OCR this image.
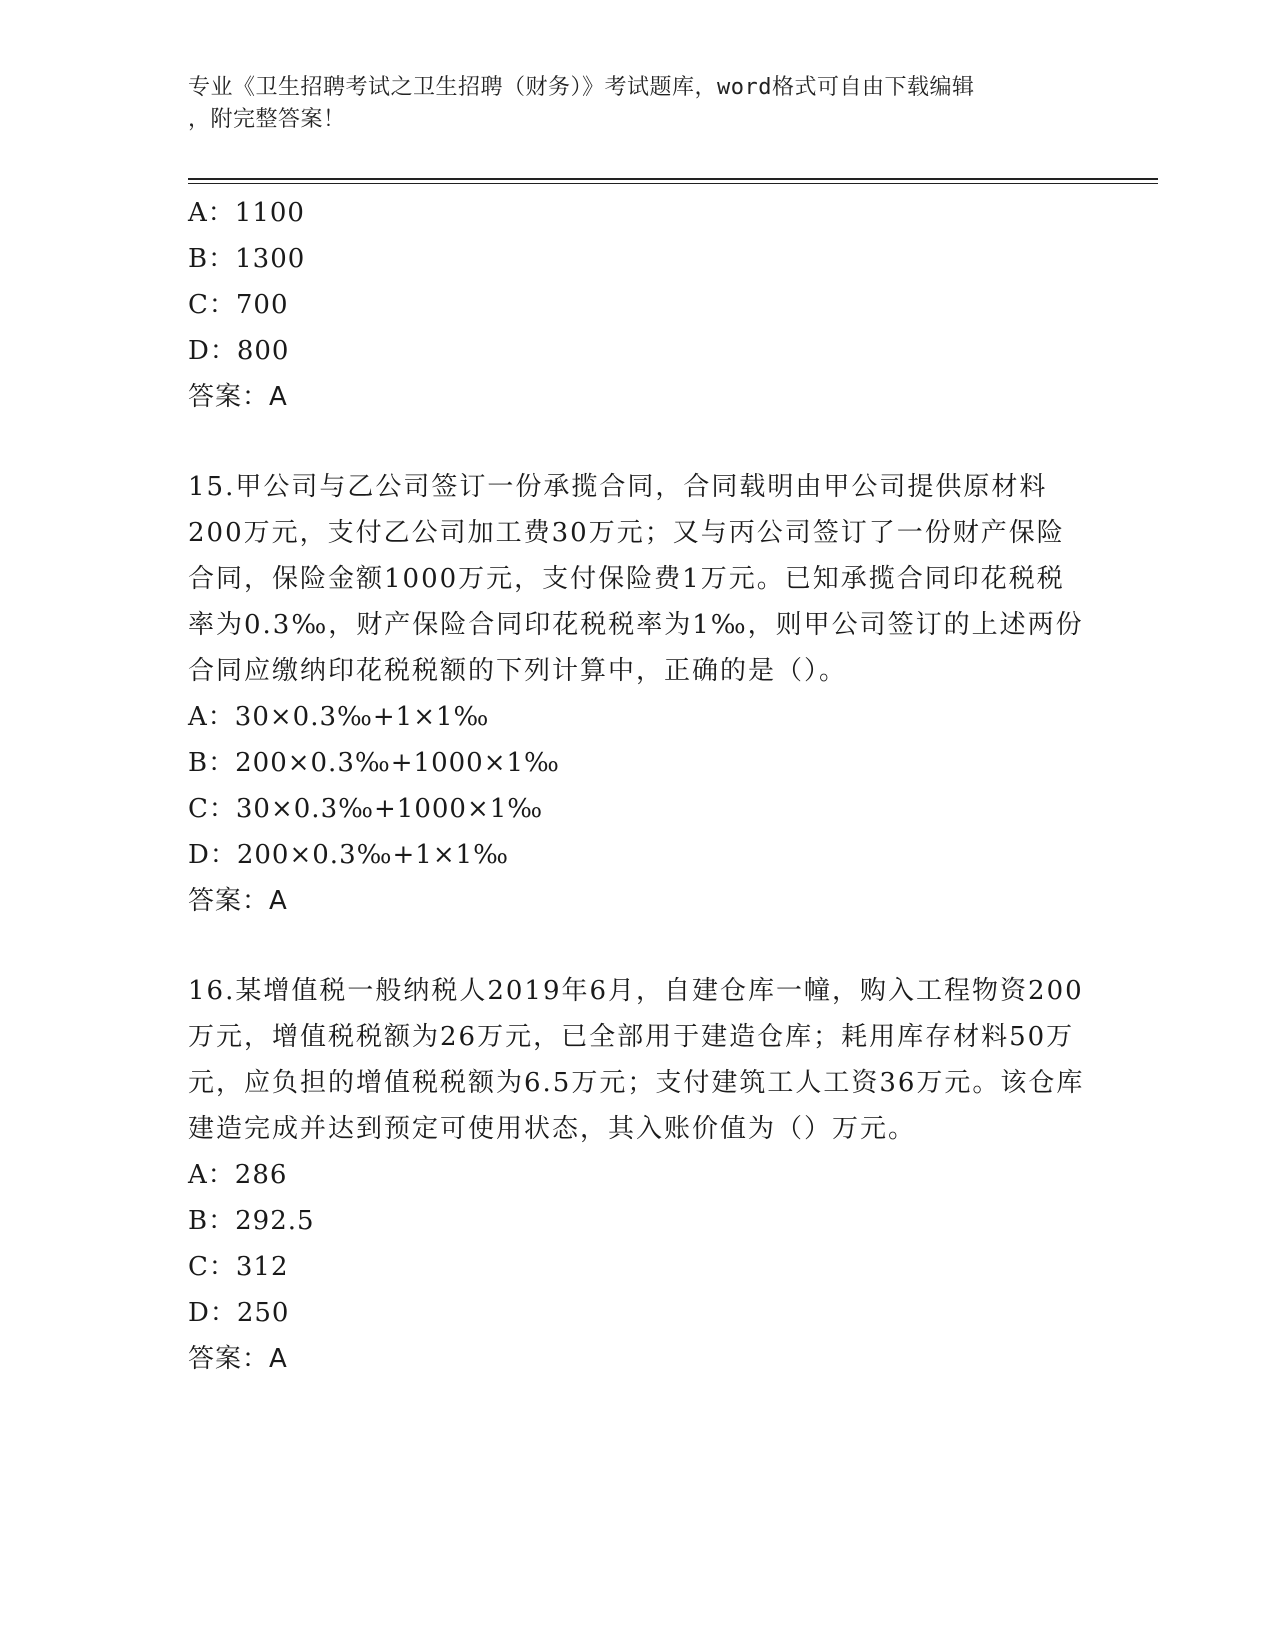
专业《卫生招聘考试之卫生招聘（财务）》考试题库，word格式可自由下载编辑
，附完整答案！
A：1100
B：1300
C：700
D：800
答案：A
15.甲公司与乙公司签订一份承揽合同，合同载明由甲公司提供原材料200万元，支付乙公司加工费30万元；又与丙公司签订了一份财产保险合同，保险金额1000万元，支付保险费1万元。已知承揽合同印花税税率为0.3‰，财产保险合同印花税税率为1‰，则甲公司签订的上述两份合同应缴纳印花税税额的下列计算中，正确的是（）。
A：30×0.3‰+1×1‰
B：200×0.3‰+1000×1‰
C：30×0.3‰+1000×1‰
D：200×0.3‰+1×1‰
答案：A
16.某增值税一般纳税人2019年6月，自建仓库一幢，购入工程物资200万元，增值税税额为26万元，已全部用于建造仓库；耗用库存材料50万元，应负担的增值税税额为6.5万元；支付建筑工人工资36万元。该仓库建造完成并达到预定可使用状态，其入账价值为（）万元。
A：286
B：292.5
C：312
D：250
答案：A
